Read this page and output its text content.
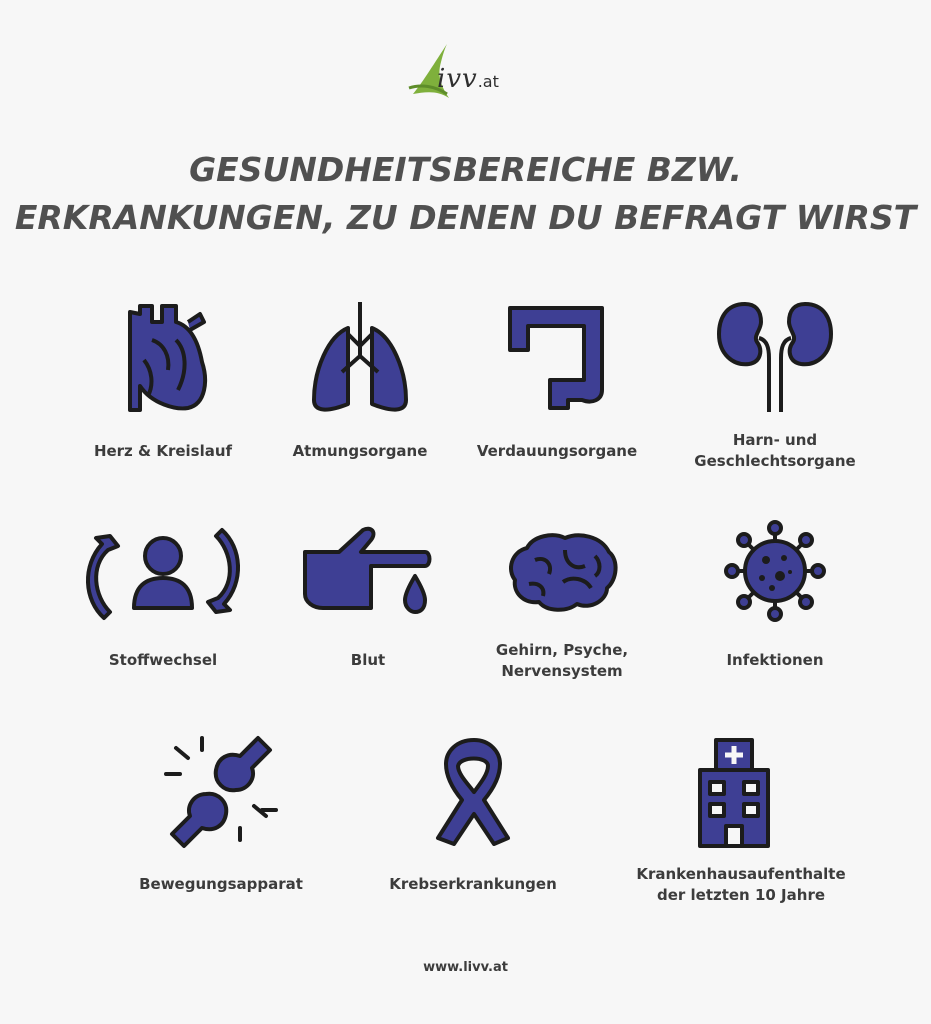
ivv.at
GESUNDHEITSBEREICHE BZW.
ERKRANKUNGEN, ZU DENEN DU BEFRAGT WIRST
Herz & Kreislauf	Atmungsorgane	Verdauungsorgane
Harn- und
Geschlechtsorgane
Stoffwechsel	Blut
Gehirn, Psyche,
Nervensystem
Infektionen
Bewegungsapparat	Krebserkrankungen
Krankenhausaufenthalte
der letzten 10 Jahre
www.livv.at
